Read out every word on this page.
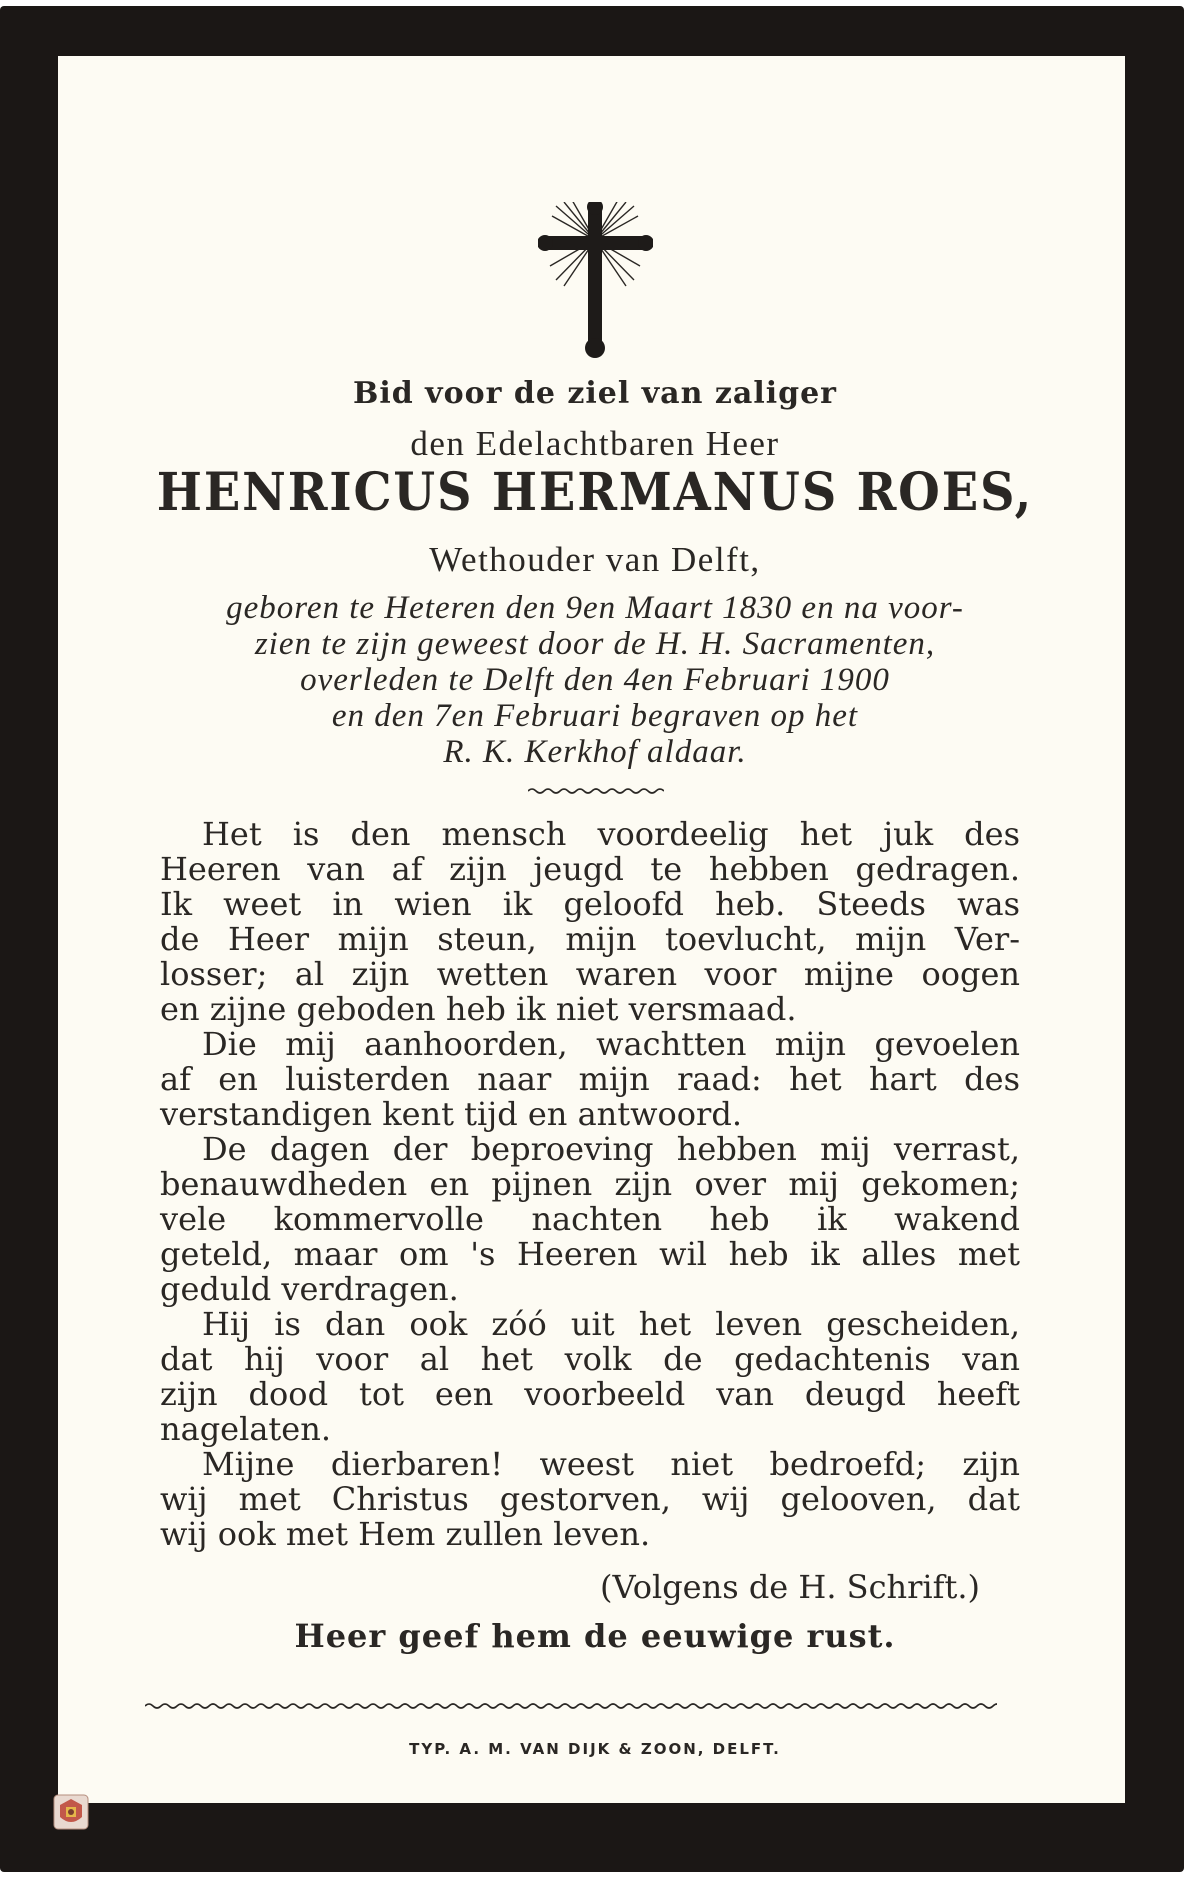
Bid voor de ziel van zaliger
den Edelachtbaren Heer
HENRICUS HERMANUS ROES,
Wethouder van Delft,
geboren te Heteren den 9en Maart 1830 en na voor-
zien te zijn geweest door de H. H. Sacramenten,
overleden te Delft den 4en Februari 1900
en den 7en Februari begraven op het
R. K. Kerkhof aldaar.
Het is den mensch voordeelig het juk des
Heeren van af zijn jeugd te hebben gedragen.
Ik weet in wien ik geloofd heb. Steeds was
de Heer mijn steun, mijn toevlucht, mijn Ver-
losser; al zijn wetten waren voor mijne oogen
en zijne geboden heb ik niet versmaad.
Die mij aanhoorden, wachtten mijn gevoelen
af en luisterden naar mijn raad: het hart des
verstandigen kent tijd en antwoord.
De dagen der beproeving hebben mij verrast,
benauwdheden en pijnen zijn over mij gekomen;
vele kommervolle nachten heb ik wakend
geteld, maar om 's Heeren wil heb ik alles met
geduld verdragen.
Hij is dan ook zóó uit het leven gescheiden,
dat hij voor al het volk de gedachtenis van
zijn dood tot een voorbeeld van deugd heeft
nagelaten.
Mijne dierbaren! weest niet bedroefd; zijn
wij met Christus gestorven, wij gelooven, dat
wij ook met Hem zullen leven.
(Volgens de H. Schrift.)
Heer geef hem de eeuwige rust.
TYP. A. M. VAN DIJK & ZOON, DELFT.
